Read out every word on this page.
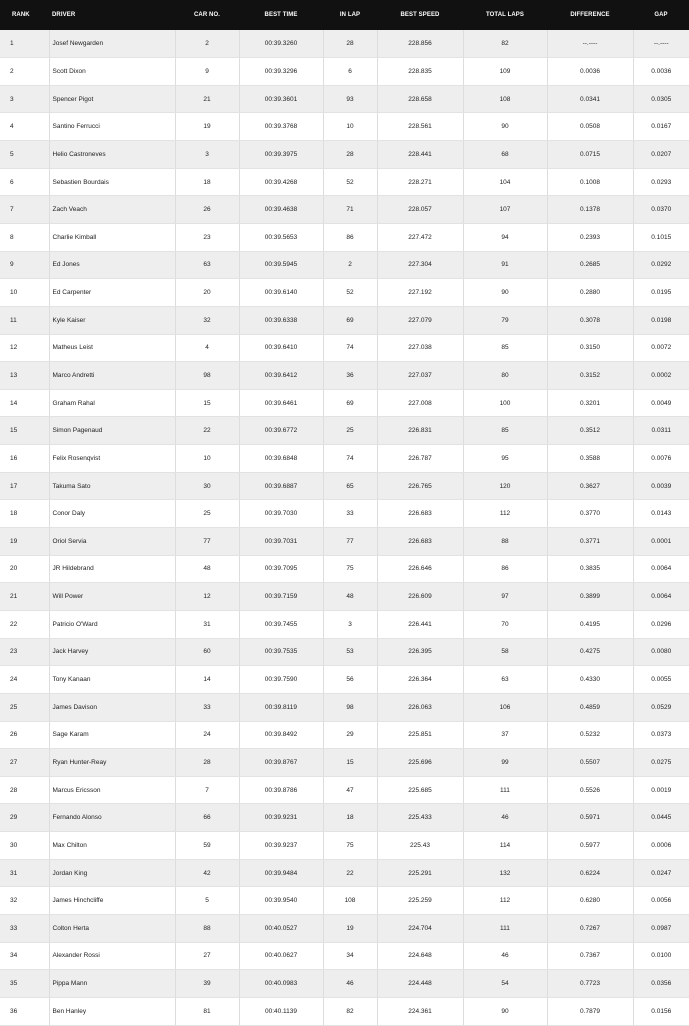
RANK	DRIVER	CAR NO.	BEST TIME	IN LAP	BEST SPEED	TOTAL LAPS	DIFFERENCE	GAP
1	Josef Newgarden	2	00:39.3260	28	228.856	82	--.----	--.----
2	Scott Dixon	9	00:39.3296	6	228.835	109	0.0036	0.0036
3	Spencer Pigot	21	00:39.3601	93	228.658	108	0.0341	0.0305
4	Santino Ferrucci	19	00:39.3768	10	228.561	90	0.0508	0.0167
5	Helio Castroneves	3	00:39.3975	28	228.441	68	0.0715	0.0207
6	Sebastien Bourdais	18	00:39.4268	52	228.271	104	0.1008	0.0293
7	Zach Veach	26	00:39.4638	71	228.057	107	0.1378	0.0370
8	Charlie Kimball	23	00:39.5653	86	227.472	94	0.2393	0.1015
9	Ed Jones	63	00:39.5945	2	227.304	91	0.2685	0.0292
10	Ed Carpenter	20	00:39.6140	52	227.192	90	0.2880	0.0195
11	Kyle Kaiser	32	00:39.6338	69	227.079	79	0.3078	0.0198
12	Matheus Leist	4	00:39.6410	74	227.038	85	0.3150	0.0072
13	Marco Andretti	98	00:39.6412	36	227.037	80	0.3152	0.0002
14	Graham Rahal	15	00:39.6461	69	227.008	100	0.3201	0.0049
15	Simon Pagenaud	22	00:39.6772	25	226.831	85	0.3512	0.0311
16	Felix Rosenqvist	10	00:39.6848	74	226.787	95	0.3588	0.0076
17	Takuma Sato	30	00:39.6887	65	226.765	120	0.3627	0.0039
18	Conor Daly	25	00:39.7030	33	226.683	112	0.3770	0.0143
19	Oriol Servia	77	00:39.7031	77	226.683	88	0.3771	0.0001
20	JR Hildebrand	48	00:39.7095	75	226.646	86	0.3835	0.0064
21	Will Power	12	00:39.7159	48	226.609	97	0.3899	0.0064
22	Patricio O'Ward	31	00:39.7455	3	226.441	70	0.4195	0.0296
23	Jack Harvey	60	00:39.7535	53	226.395	58	0.4275	0.0080
24	Tony Kanaan	14	00:39.7590	56	226.364	63	0.4330	0.0055
25	James Davison	33	00:39.8119	98	226.063	106	0.4859	0.0529
26	Sage Karam	24	00:39.8492	29	225.851	37	0.5232	0.0373
27	Ryan Hunter-Reay	28	00:39.8767	15	225.696	99	0.5507	0.0275
28	Marcus Ericsson	7	00:39.8786	47	225.685	111	0.5526	0.0019
29	Fernando Alonso	66	00:39.9231	18	225.433	46	0.5971	0.0445
30	Max Chilton	59	00:39.9237	75	225.43	114	0.5977	0.0006
31	Jordan King	42	00:39.9484	22	225.291	132	0.6224	0.0247
32	James Hinchcliffe	5	00:39.9540	108	225.259	112	0.6280	0.0056
33	Colton Herta	88	00:40.0527	19	224.704	111	0.7267	0.0987
34	Alexander Rossi	27	00:40.0627	34	224.648	46	0.7367	0.0100
35	Pippa Mann	39	00:40.0983	46	224.448	54	0.7723	0.0356
36	Ben Hanley	81	00:40.1139	82	224.361	90	0.7879	0.0156
